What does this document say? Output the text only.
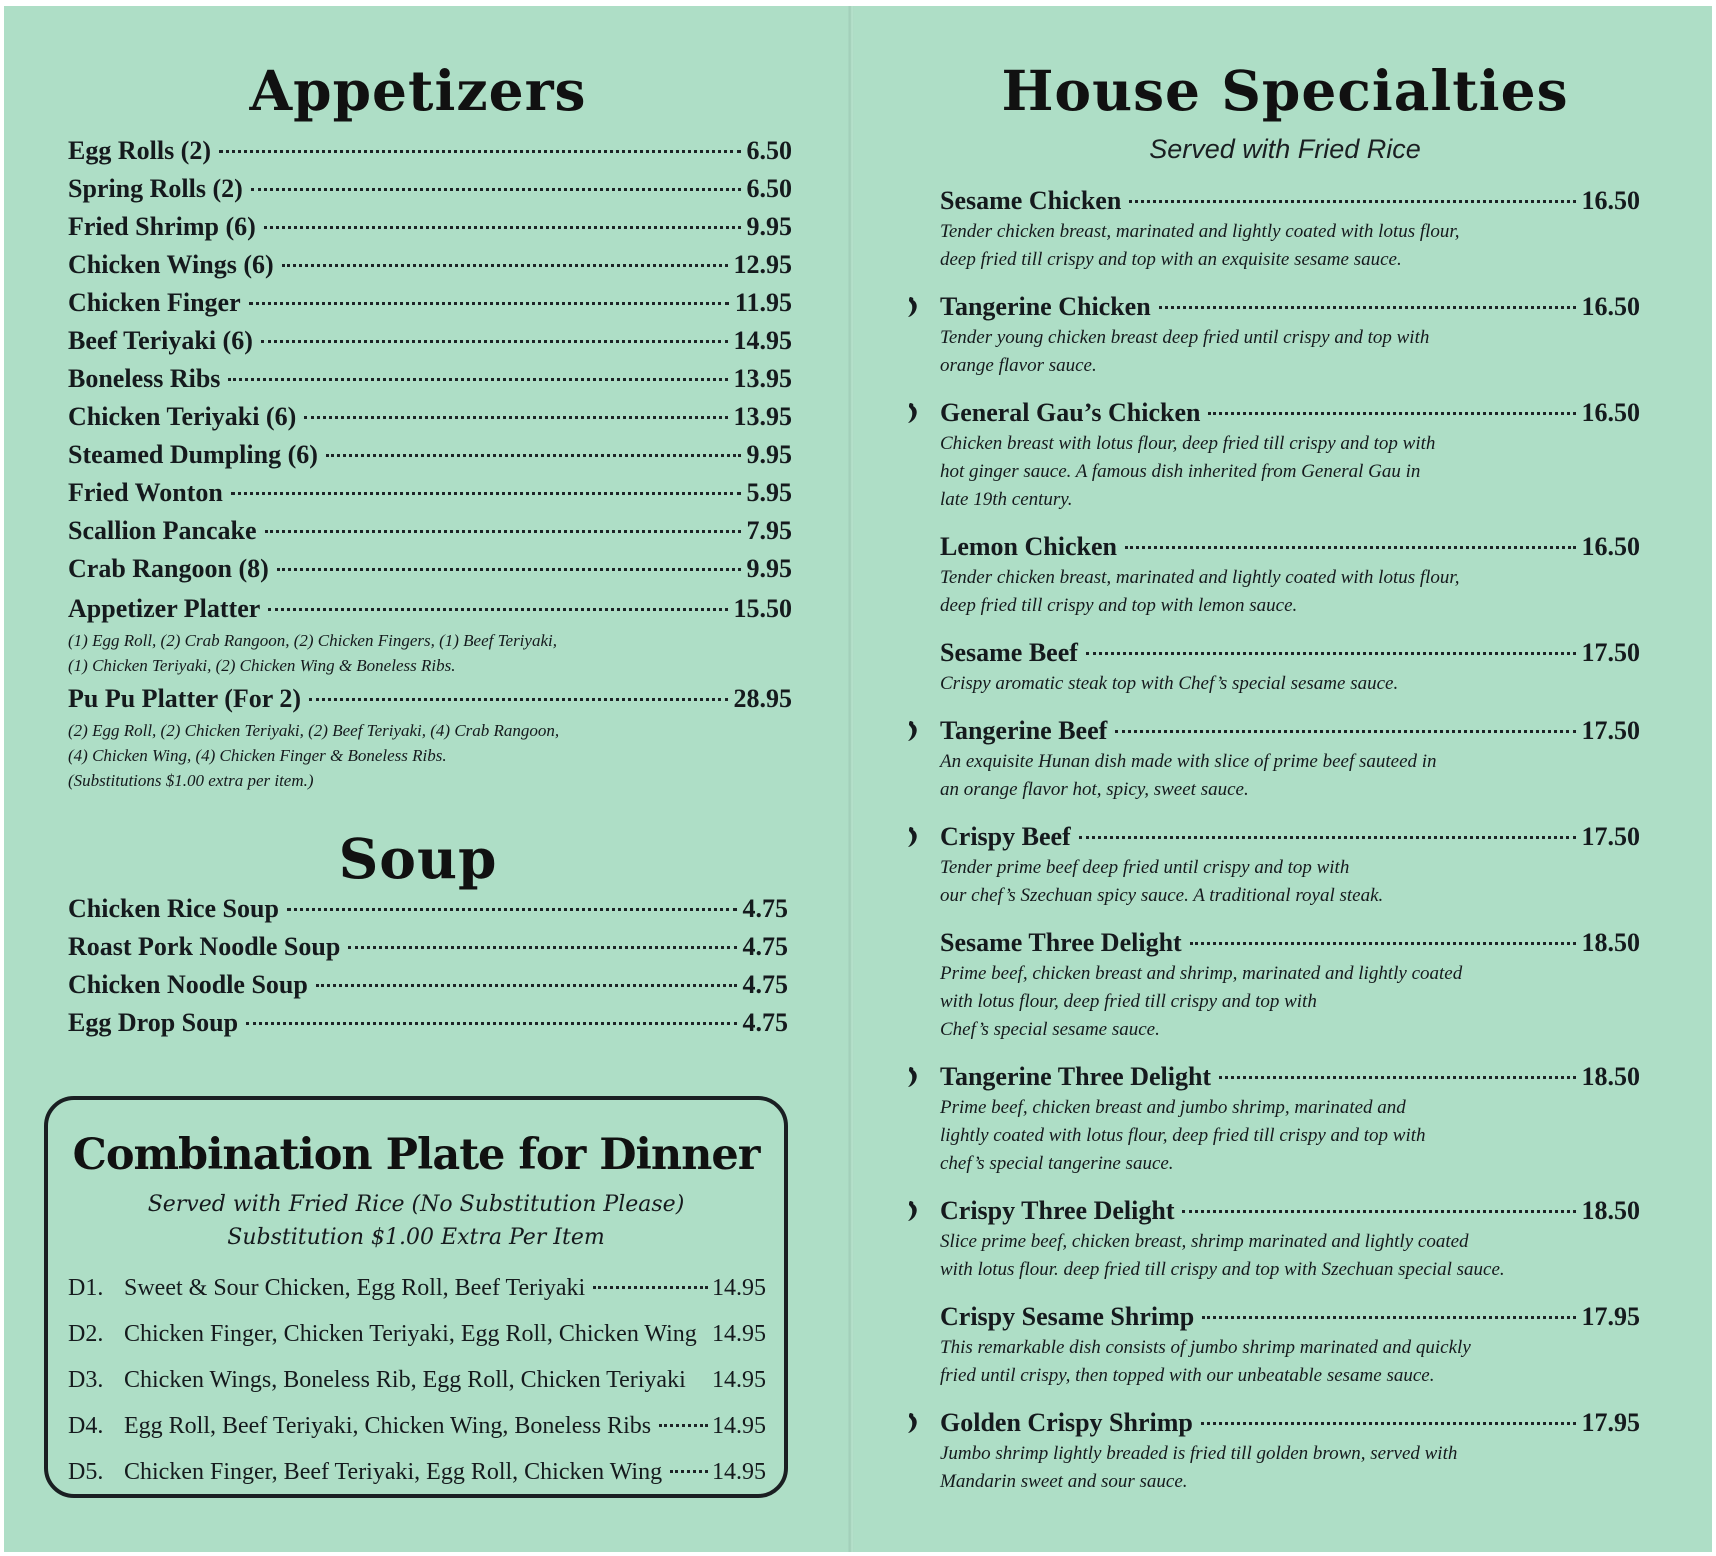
Appetizers
Egg Rolls (2)	6.50
Spring Rolls (2)	6.50
Fried Shrimp (6)	9.95
Chicken Wings (6)	12.95
Chicken Finger	11.95
Beef Teriyaki (6)	14.95
Boneless Ribs	13.95
Chicken Teriyaki (6)	13.95
Steamed Dumpling (6)	9.95
Fried Wonton	5.95
Scallion Pancake	7.95
Crab Rangoon (8)	9.95
Appetizer Platter	15.50
(1) Egg Roll, (2) Crab Rangoon, (2) Chicken Fingers, (1) Beef Teriyaki,
(1) Chicken Teriyaki, (2) Chicken Wing & Boneless Ribs.
Pu Pu Platter (For 2)	28.95
(2) Egg Roll, (2) Chicken Teriyaki, (2) Beef Teriyaki, (4) Crab Rangoon,
(4) Chicken Wing, (4) Chicken Finger & Boneless Ribs.
(Substitutions $1.00 extra per item.)
Soup
Chicken Rice Soup	4.75
Roast Pork Noodle Soup	4.75
Chicken Noodle Soup	4.75
Egg Drop Soup	4.75
Combination Plate for Dinner
Served with Fried Rice (No Substitution Please)
Substitution $1.00 Extra Per Item
D1. Sweet & Sour Chicken, Egg Roll, Beef Teriyaki	14.95
D2. Chicken Finger, Chicken Teriyaki, Egg Roll, Chicken Wing 14.95
D3. Chicken Wings, Boneless Rib, Egg Roll, Chicken Teriyaki 14.95
D4. Egg Roll, Beef Teriyaki, Chicken Wing, Boneless Ribs	14.95
D5. Chicken Finger, Beef Teriyaki, Egg Roll, Chicken Wing 14.95
House Specialties
Served with Fried Rice
Sesame Chicken	16.50
Tender chicken breast, marinated and lightly coated with lotus flour,
deep fried till crispy and top with an exquisite sesame sauce.
Tangerine Chicken	16.50
Tender young chicken breast deep fried until crispy and top with
orange flavor sauce.
General Gau’s Chicken	16.50
Chicken breast with lotus flour, deep fried till crispy and top with
hot ginger sauce. A famous dish inherited from General Gau in
late 19th century.
Lemon Chicken	16.50
Tender chicken breast, marinated and lightly coated with lotus flour,
deep fried till crispy and top with lemon sauce.
Sesame Beef	17.50
Crispy aromatic steak top with Chef’s special sesame sauce.
Tangerine Beef	17.50
An exquisite Hunan dish made with slice of prime beef sauteed in
an orange flavor hot, spicy, sweet sauce.
Crispy Beef	17.50
Tender prime beef deep fried until crispy and top with
our chef’s Szechuan spicy sauce. A traditional royal steak.
Sesame Three Delight	18.50
Prime beef, chicken breast and shrimp, marinated and lightly coated
with lotus flour, deep fried till crispy and top with
Chef’s special sesame sauce.
Tangerine Three Delight	18.50
Prime beef, chicken breast and jumbo shrimp, marinated and
lightly coated with lotus flour, deep fried till crispy and top with
chef’s special tangerine sauce.
Crispy Three Delight	18.50
Slice prime beef, chicken breast, shrimp marinated and lightly coated
with lotus flour. deep fried till crispy and top with Szechuan special sauce.
Crispy Sesame Shrimp	17.95
This remarkable dish consists of jumbo shrimp marinated and quickly
fried until crispy, then topped with our unbeatable sesame sauce.
Golden Crispy Shrimp	17.95
Jumbo shrimp lightly breaded is fried till golden brown, served with
Mandarin sweet and sour sauce.
